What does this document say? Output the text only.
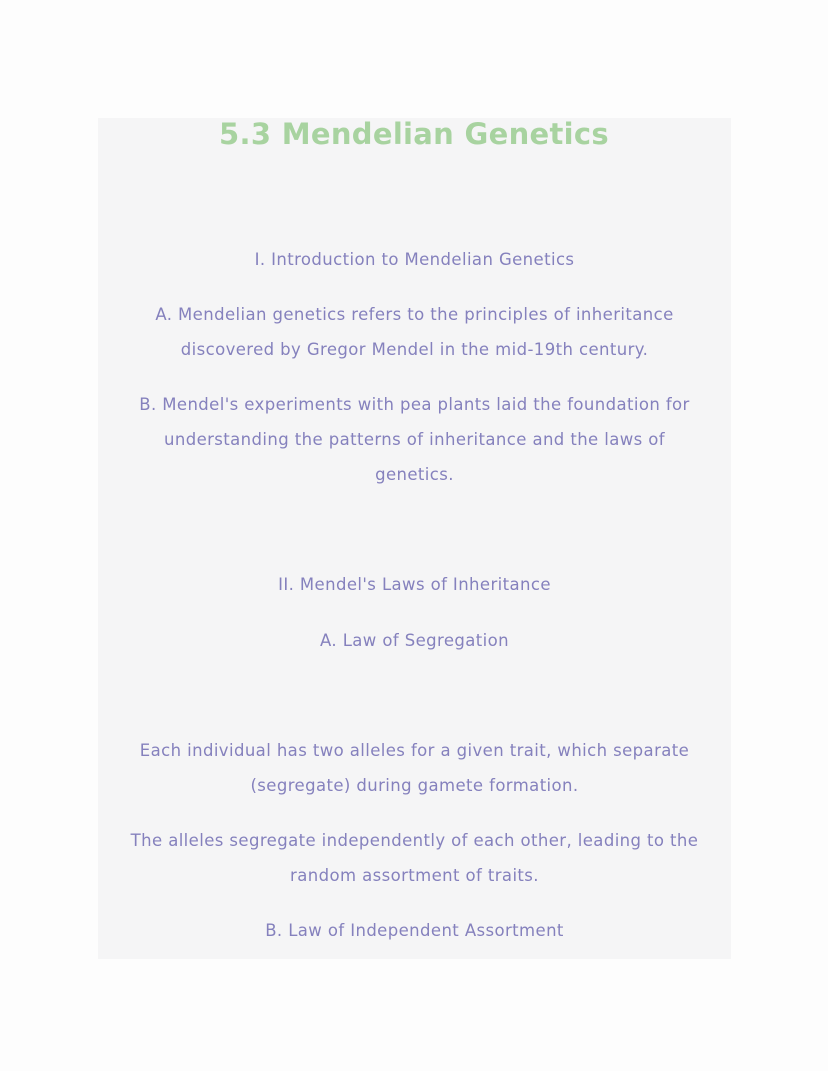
5.3 Mendelian Genetics

I. Introduction to Mendelian Genetics

A. Mendelian genetics refers to the principles of inheritance

discovered by Gregor Mendel in the mid-19th century.

B. Mendel's experiments with pea plants laid the foundation for

understanding the patterns of inheritance and the laws of

genetics.

II. Mendel's Laws of Inheritance

A. Law of Segregation

Each individual has two alleles for a given trait, which separate

(segregate) during gamete formation.

The alleles segregate independently of each other, leading to the

random assortment of traits.

B. Law of Independent Assortment
